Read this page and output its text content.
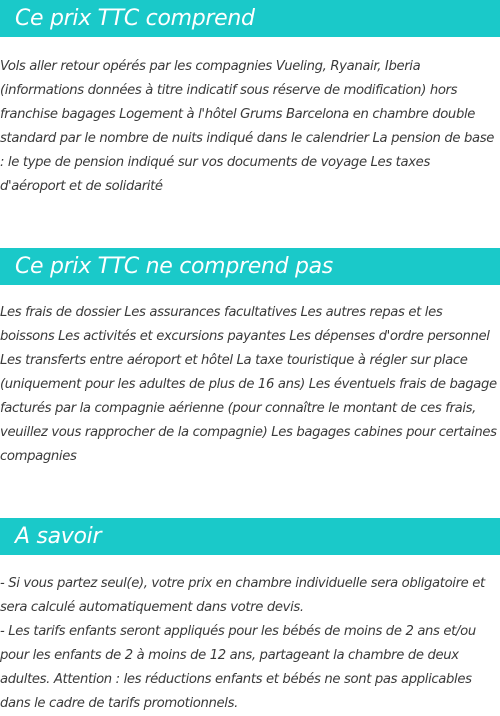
Ce prix TTC comprend

Vols aller retour opérés par les compagnies Vueling, Ryanair, Iberia (informations données à titre indicatif sous réserve de modification) hors franchise bagages Logement à l'hôtel Grums Barcelona en chambre double standard par le nombre de nuits indiqué dans le calendrier La pension de base : le type de pension indiqué sur vos documents de voyage Les taxes d'aéroport et de solidarité

Ce prix TTC ne comprend pas

Les frais de dossier Les assurances facultatives Les autres repas et les boissons Les activités et excursions payantes Les dépenses d'ordre personnel Les transferts entre aéroport et hôtel La taxe touristique à régler sur place (uniquement pour les adultes de plus de 16 ans) Les éventuels frais de bagage facturés par la compagnie aérienne (pour connaître le montant de ces frais, veuillez vous rapprocher de la compagnie) Les bagages cabines pour certaines compagnies

A savoir

- Si vous partez seul(e), votre prix en chambre individuelle sera obligatoire et sera calculé automatiquement dans votre devis.

- Les tarifs enfants seront appliqués pour les bébés de moins de 2 ans et/ou pour les enfants de 2 à moins de 12 ans, partageant la chambre de deux adultes. Attention : les réductions enfants et bébés ne sont pas applicables dans le cadre de tarifs promotionnels.
